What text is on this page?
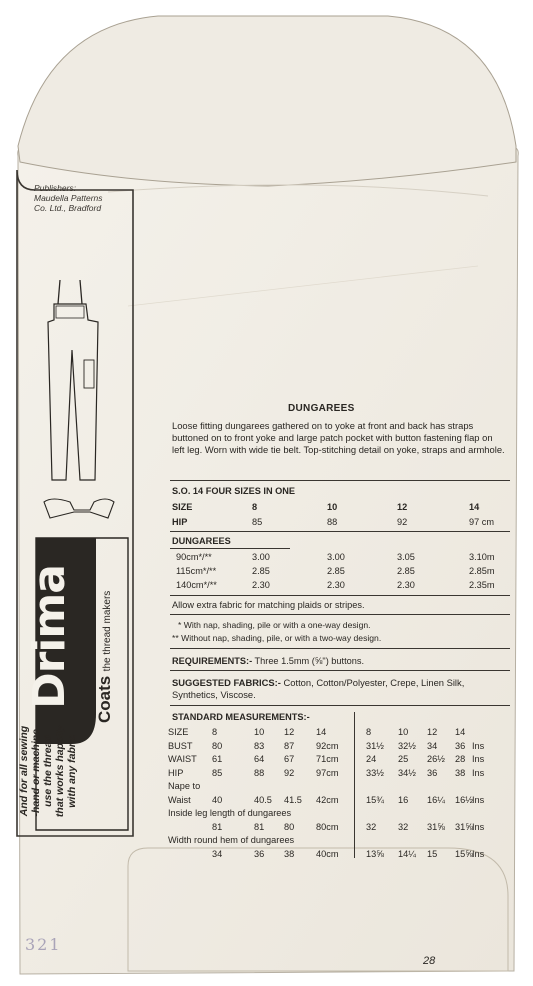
Publishers:
Maudella Patterns
Co. Ltd., Bradford
Drima Coats the thread makers
And for all sewing -hand or machine- use the thread that works happily with any fabric
DUNGAREES
Loose fitting dungarees gathered on to yoke at front and back has straps buttoned on to front yoke and large patch pocket with button fastening flap on left leg. Worn with wide tie belt. Top-stitching detail on yoke, straps and armhole.
S.O. 14 FOUR SIZES IN ONE
SIZE	8	10	12	14
HIP	85	88	92	97 cm
DUNGAREES
90cm*/**	3.00	3.00	3.05	3.10m
115cm*/**	2.85	2.85	2.85	2.85m
140cm*/**	2.30	2.30	2.30	2.35m
Allow extra fabric for matching plaids or stripes.
* With nap, shading, pile or with a one-way design.
** Without nap, shading, pile, or with a two-way design.
REQUIREMENTS:- Three 1.5mm (⅝") buttons.
SUGGESTED FABRICS:- Cotton, Cotton/Polyester, Crepe, Linen Silk, Synthetics, Viscose.
STANDARD MEASUREMENTS:-
SIZE	8	10 12 14	8	10 12 14
BUST 80	83 87 92cm	31½ 32½ 34 36 Ins
WAIST 61	64 67 71cm	24 25 26½ 28 Ins
HIP	85	88 92 97cm	33½ 34½ 36 38 Ins
Nape to
Waist 40	40.5 41.5 42cm	15¾ 16 16¼ 16½ Ins
Inside leg length of dungarees
81	81 80 80cm	32 32 31⅝ 31⅝ Ins
Width round hem of dungarees
34	36 38 40cm	13⅝ 14¼ 15 15⅝ Ins
28
321
